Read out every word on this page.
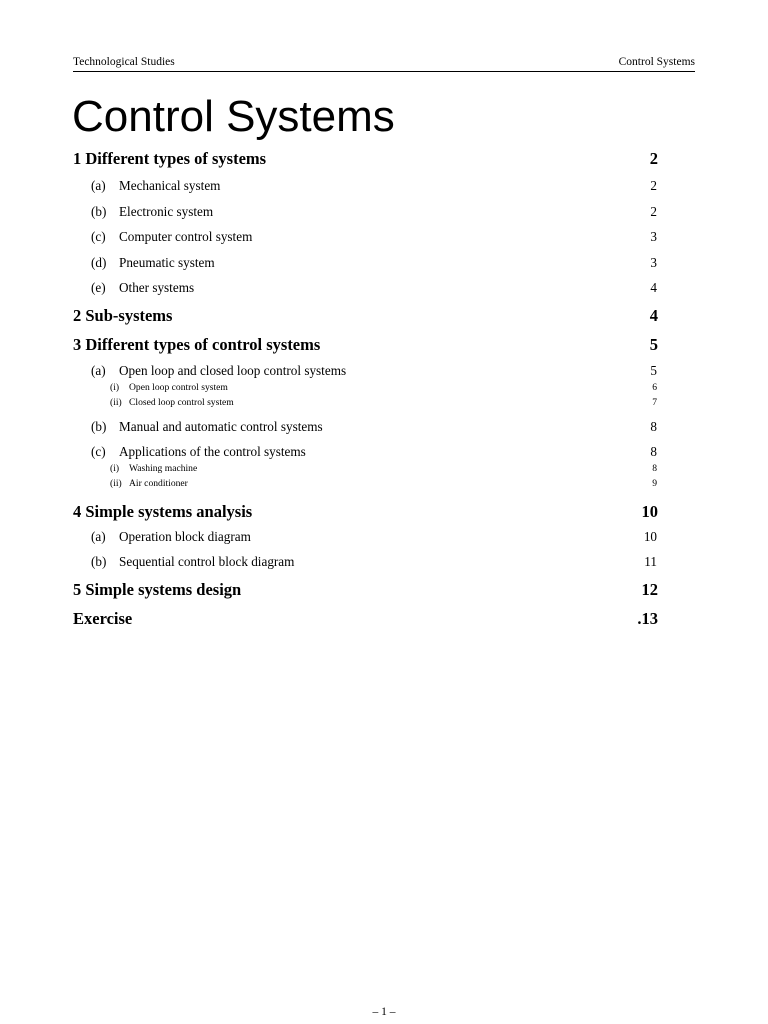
Technological Studies	Control Systems
Control Systems
1 Different types of systems	2
(a)	Mechanical system	2
(b) Electronic system	2
(c)	Computer control system	3
(d) Pneumatic system	3
(e)	Other systems	4
2 Sub-systems	4
3 Different types of control systems	5
(a)	Open loop and closed loop control systems	5
(i)	Open loop control system	6
(ii) Closed loop control system	7
(b) Manual and automatic control systems	8
(c)	Applications of the control systems	8
(i)	Washing machine	8
(ii) Air conditioner	9
4 Simple systems analysis	10
(a)	Operation block diagram	10
(b) Sequential control block diagram	11
5 Simple systems design	12
Exercise	.13
– 1 –
